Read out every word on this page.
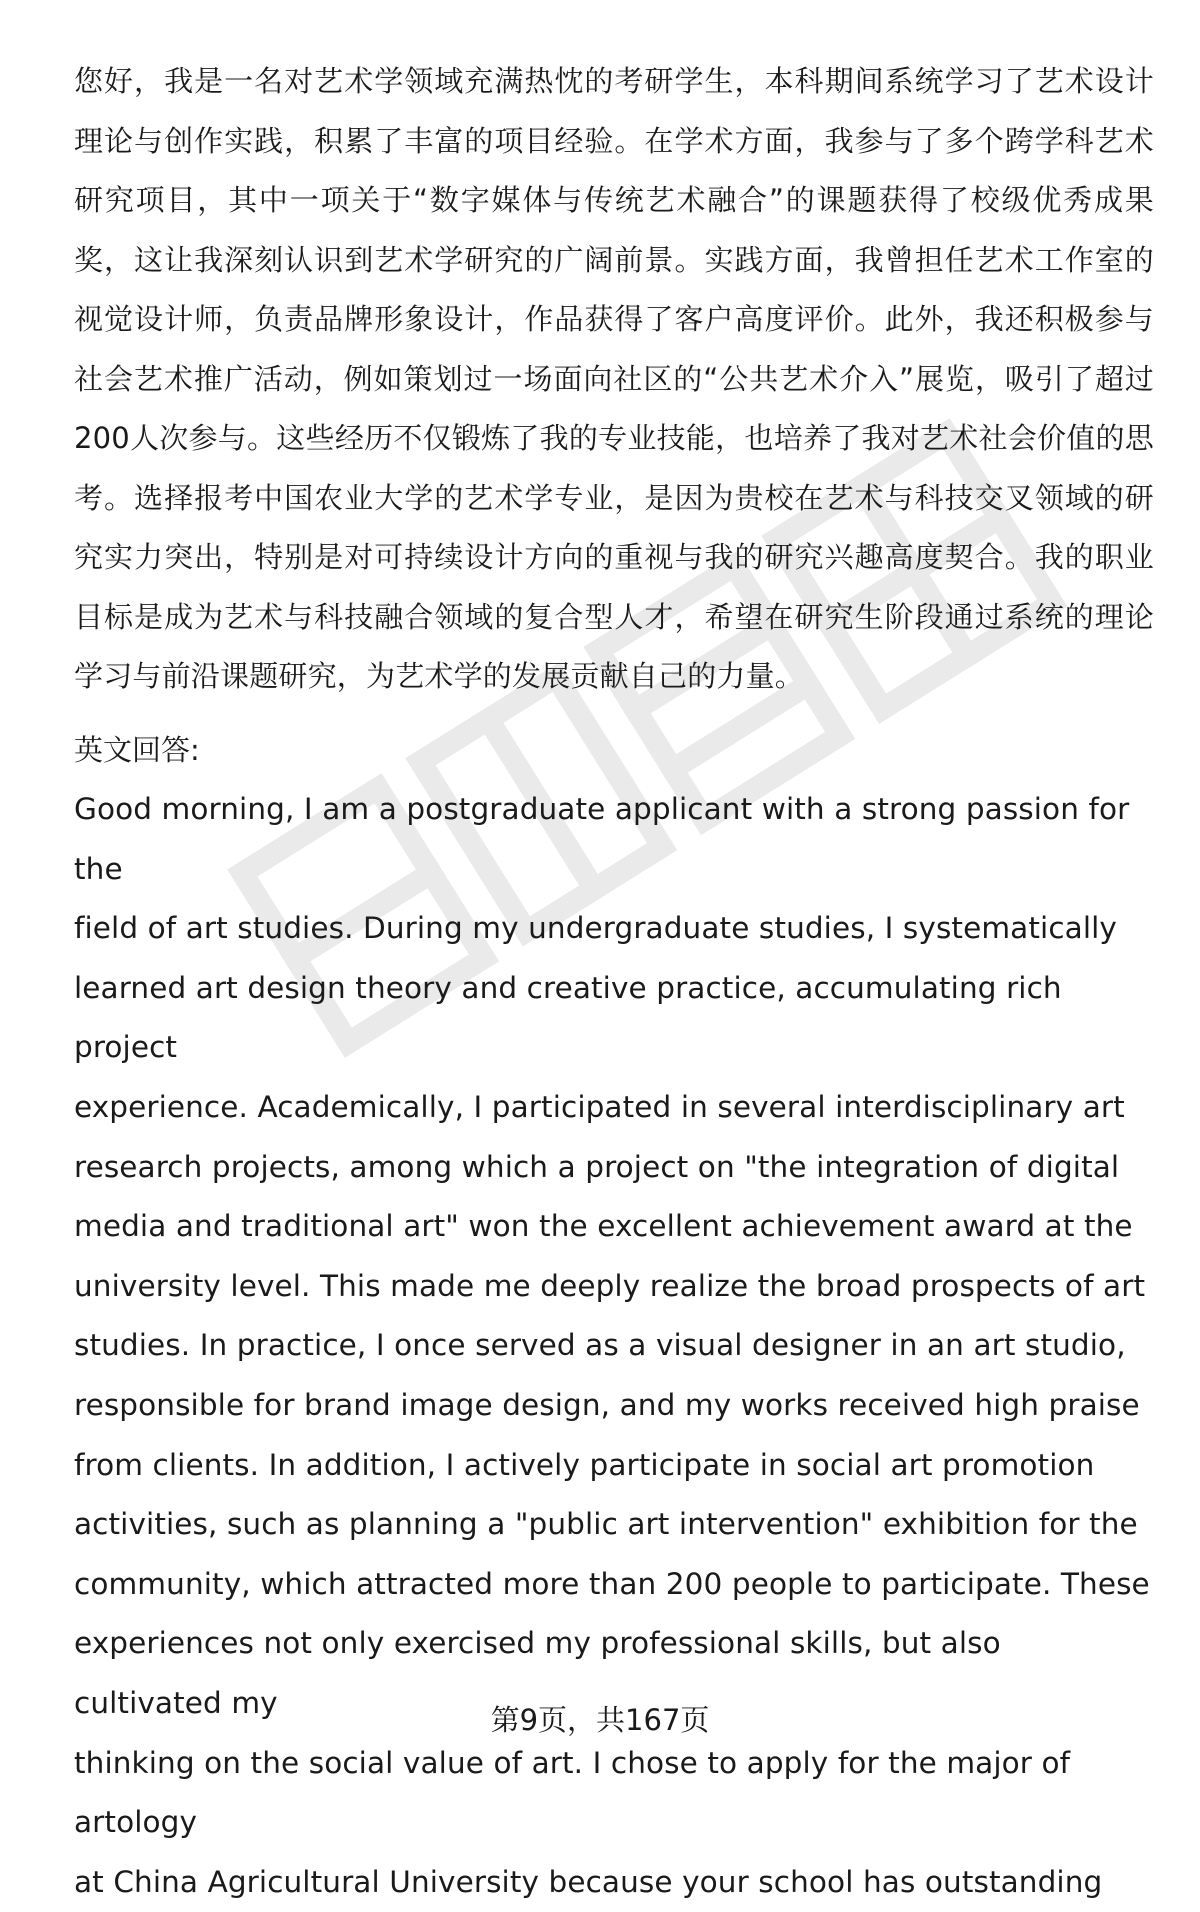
您好，我是一名对艺术学领域充满热忱的考研学生，本科期间系统学习了艺术设计理论与创作实践，积累了丰富的项目经验。在学术方面，我参与了多个跨学科艺术研究项目，其中一项关于“数字媒体与传统艺术融合”的课题获得了校级优秀成果奖，这让我深刻认识到艺术学研究的广阔前景。实践方面，我曾担任艺术工作室的视觉设计师，负责品牌形象设计，作品获得了客户高度评价。此外，我还积极参与社会艺术推广活动，例如策划过一场面向社区的“公共艺术介入”展览，吸引了超过200人次参与。这些经历不仅锻炼了我的专业技能，也培养了我对艺术社会价值的思考。选择报考中国农业大学的艺术学专业，是因为贵校在艺术与科技交叉领域的研究实力突出，特别是对可持续设计方向的重视与我的研究兴趣高度契合。我的职业目标是成为艺术与科技融合领域的复合型人才，希望在研究生阶段通过系统的理论学习与前沿课题研究，为艺术学的发展贡献自己的力量。

英文回答:

Good morning, I am a postgraduate applicant with a strong passion for the

field of art studies. During my undergraduate studies, I systematically

learned art design theory and creative practice, accumulating rich project

experience. Academically, I participated in several interdisciplinary art

research projects, among which a project on "the integration of digital

media and traditional art" won the excellent achievement award at the

university level. This made me deeply realize the broad prospects of art

studies. In practice, I once served as a visual designer in an art studio,

responsible for brand image design, and my works received high praise

from clients. In addition, I actively participate in social art promotion

activities, such as planning a "public art intervention" exhibition for the

community, which attracted more than 200 people to participate. These

experiences not only exercised my professional skills, but also cultivated my

thinking on the social value of art. I chose to apply for the major of artology

at China Agricultural University because your school has outstanding

第9页，共167页
